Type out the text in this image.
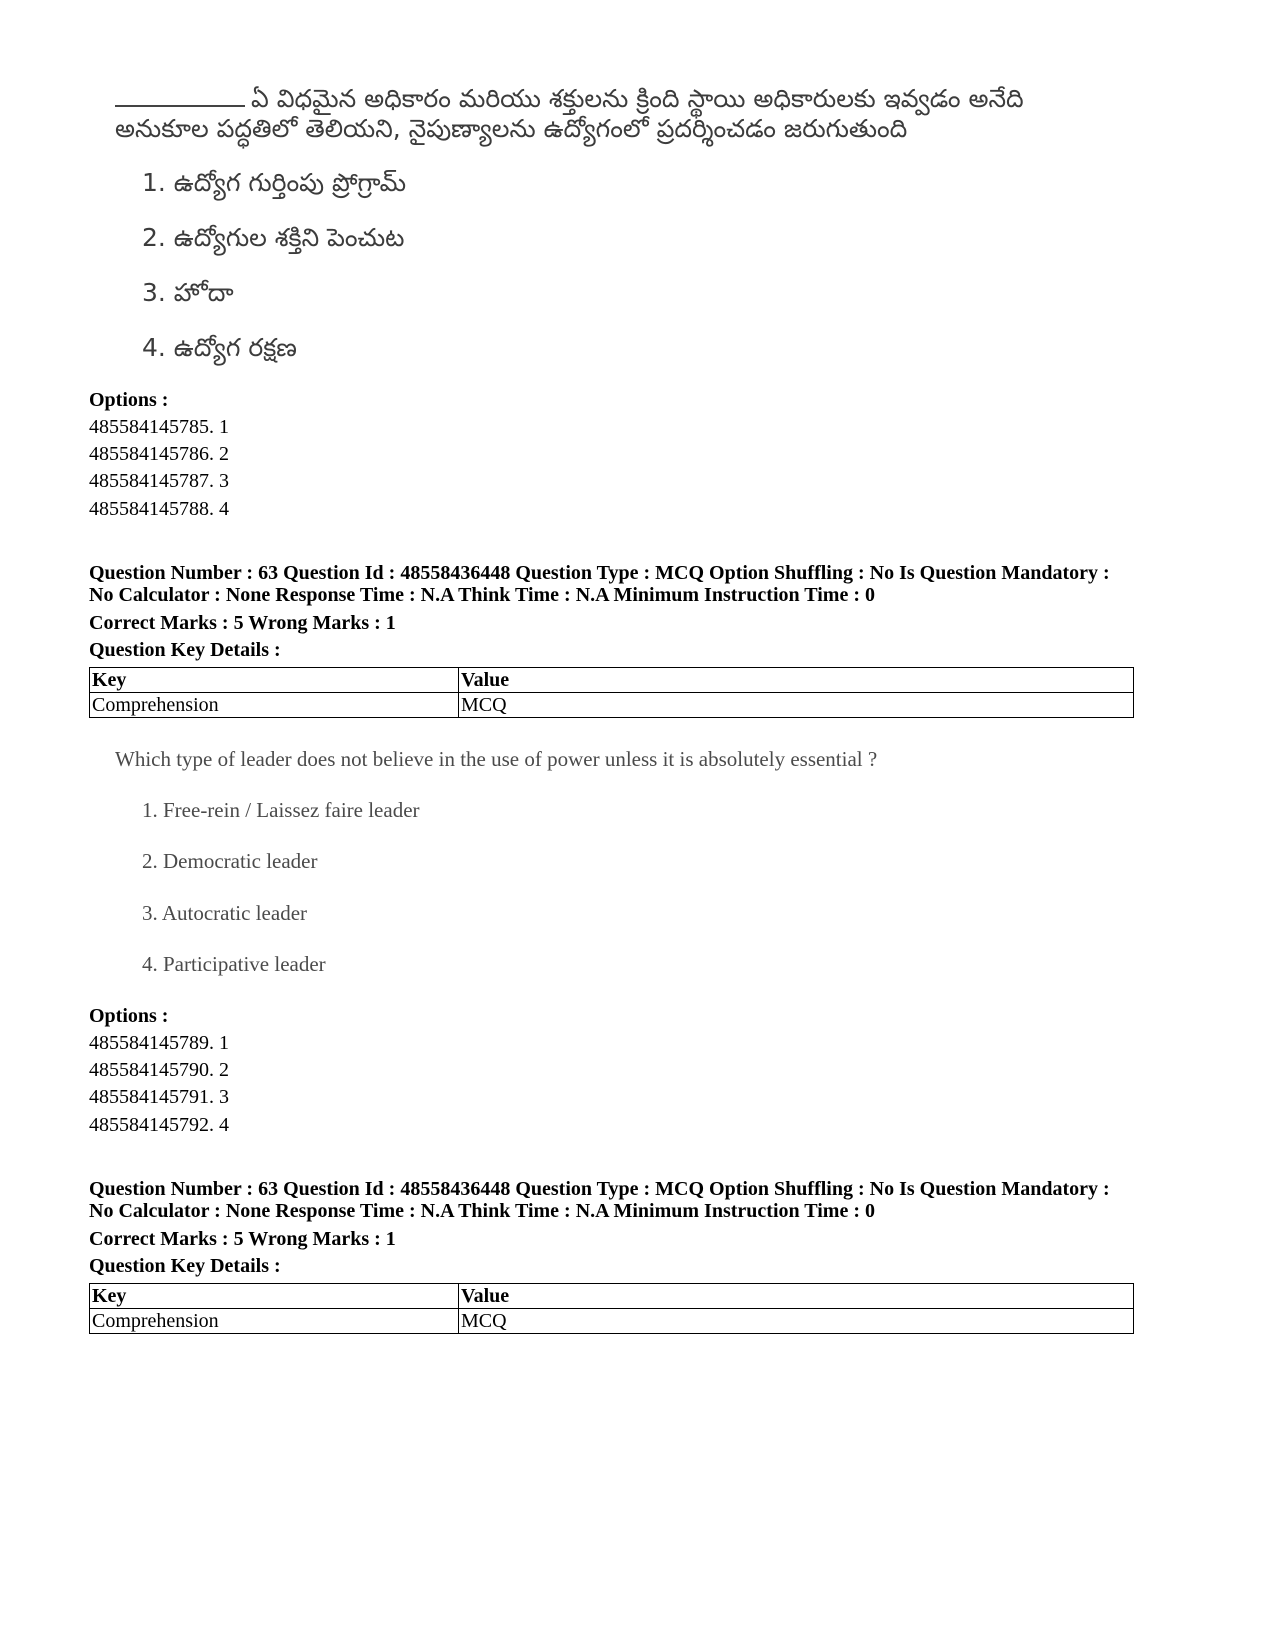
ఏ విధమైన అధికారం మరియు శక్తులను క్రింది స్థాయి అధికారులకు ఇవ్వడం అనేది
అనుకూల పద్ధతిలో తెలియని, నైపుణ్యాలను ఉద్యోగంలో ప్రదర్శించడం జరుగుతుంది
1. ఉద్యోగ గుర్తింపు ప్రోగ్రామ్
2. ఉద్యోగుల శక్తిని పెంచుట
3. హోదా
4. ఉద్యోగ రక్షణ
Options :
485584145785. 1
485584145786. 2
485584145787. 3
485584145788. 4
Question Number : 63 Question Id : 48558436448 Question Type : MCQ Option Shuffling : No Is Question Mandatory :
No Calculator : None Response Time : N.A Think Time : N.A Minimum Instruction Time : 0
Correct Marks : 5 Wrong Marks : 1
Question Key Details :
Key	Value
Comprehension	MCQ
Which type of leader does not believe in the use of power unless it is absolutely essential ?
1. Free-rein / Laissez faire leader
2. Democratic leader
3. Autocratic leader
4. Participative leader
Options :
485584145789. 1
485584145790. 2
485584145791. 3
485584145792. 4
Question Number : 63 Question Id : 48558436448 Question Type : MCQ Option Shuffling : No Is Question Mandatory :
No Calculator : None Response Time : N.A Think Time : N.A Minimum Instruction Time : 0
Correct Marks : 5 Wrong Marks : 1
Question Key Details :
Key	Value
Comprehension	MCQ
